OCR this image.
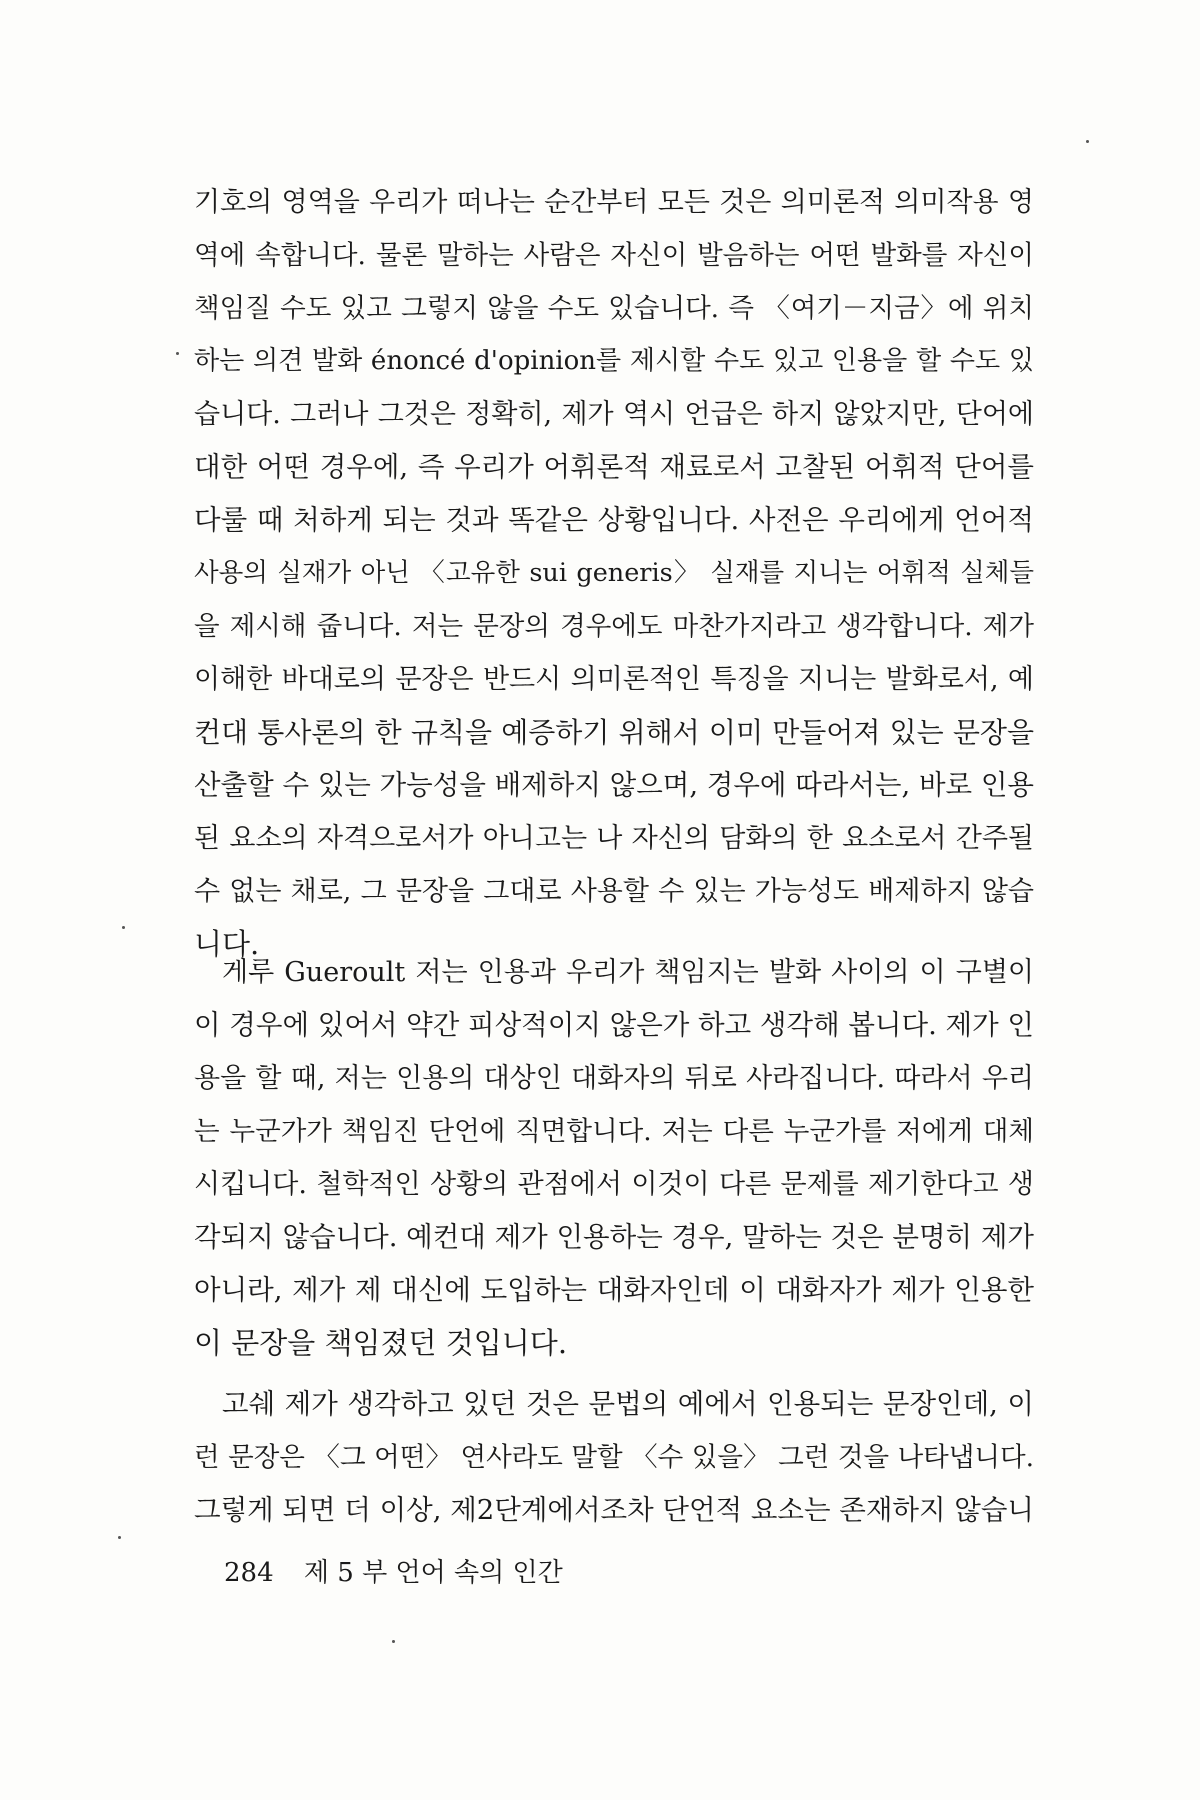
기호의 영역을 우리가 떠나는 순간부터 모든 것은 의미론적 의미작용 영
역에 속합니다. 물론 말하는 사람은 자신이 발음하는 어떤 발화를 자신이
책임질 수도 있고 그렇지 않을 수도 있습니다. 즉 〈여기－지금〉에 위치
하는 의견 발화 énoncé d'opinion를 제시할 수도 있고 인용을 할 수도 있
습니다. 그러나 그것은 정확히, 제가 역시 언급은 하지 않았지만, 단어에
대한 어떤 경우에, 즉 우리가 어휘론적 재료로서 고찰된 어휘적 단어를
다룰 때 처하게 되는 것과 똑같은 상황입니다. 사전은 우리에게 언어적
사용의 실재가 아닌 〈고유한 sui generis〉 실재를 지니는 어휘적 실체들
을 제시해 줍니다. 저는 문장의 경우에도 마찬가지라고 생각합니다. 제가
이해한 바대로의 문장은 반드시 의미론적인 특징을 지니는 발화로서, 예
컨대 통사론의 한 규칙을 예증하기 위해서 이미 만들어져 있는 문장을
산출할 수 있는 가능성을 배제하지 않으며, 경우에 따라서는, 바로 인용
된 요소의 자격으로서가 아니고는 나 자신의 담화의 한 요소로서 간주될
수 없는 채로, 그 문장을 그대로 사용할 수 있는 가능성도 배제하지 않습
니다.
게루 Gueroult 저는 인용과 우리가 책임지는 발화 사이의 이 구별이
이 경우에 있어서 약간 피상적이지 않은가 하고 생각해 봅니다. 제가 인
용을 할 때, 저는 인용의 대상인 대화자의 뒤로 사라집니다. 따라서 우리
는 누군가가 책임진 단언에 직면합니다. 저는 다른 누군가를 저에게 대체
시킵니다. 철학적인 상황의 관점에서 이것이 다른 문제를 제기한다고 생
각되지 않습니다. 예컨대 제가 인용하는 경우, 말하는 것은 분명히 제가
아니라, 제가 제 대신에 도입하는 대화자인데 이 대화자가 제가 인용한
이 문장을 책임졌던 것입니다.
고쉐 제가 생각하고 있던 것은 문법의 예에서 인용되는 문장인데, 이
런 문장은 〈그 어떤〉 연사라도 말할 〈수 있을〉 그런 것을 나타냅니다.
그렇게 되면 더 이상, 제2단계에서조차 단언적 요소는 존재하지 않습니
284 제 5 부 언어 속의 인간
